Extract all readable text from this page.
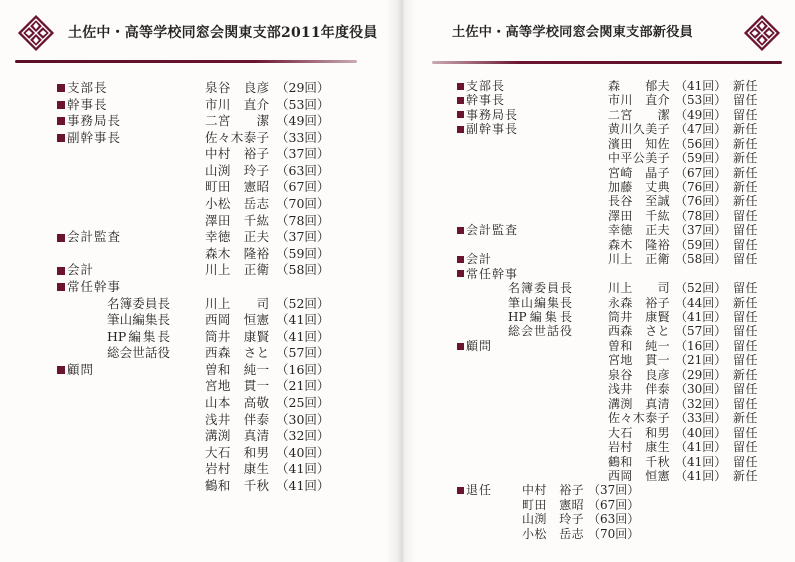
土佐中・高等学校同窓会関東支部2011年度役員
支部長	泉谷　良彦 （29回）
幹事長	市川　直介 （53回）
事務局長	二宮　　潔 （49回）
副幹事長	佐々木泰子 （33回）
中村　裕子 （37回）
山渕　玲子 （63回）
町田　憲昭 （67回）
小松　岳志 （70回）
澤田　千紘 （78回）
会計監査	幸徳　正夫 （37回）
森木　隆裕 （59回）
会計	川上　正衛 （58回）
常任幹事
名簿委員長	川上　　司 （52回）
筆山編集長	西岡　恒憲 （41回）
HP編集長	筒井　康賢 （41回）
総会世話役	西森　さと （57回）
顧問	曽和　純一 （16回）
宮地　貫一 （21回）
山本　高敬 （25回）
浅井　伴泰 （30回）
溝渕　真清 （32回）
大石　和男 （40回）
岩村　康生 （41回）
鶴和　千秋 （41回）
土佐中・高等学校同窓会関東支部新役員
支部長	森　　郁夫 （41回） 新任
幹事長	市川　直介 （53回） 留任
事務局長	二宮　　潔 （49回） 留任
副幹事長	黄川久美子 （47回） 新任
濱田　知佐 （56回） 新任
中平公美子 （59回） 新任
宮崎　晶子 （67回） 新任
加藤　丈典 （76回） 新任
長谷　至誠 （76回） 新任
澤田　千紘 （78回） 留任
会計監査	幸徳　正夫 （37回） 留任
森木　隆裕 （59回） 留任
会計	川上　正衛 （58回） 留任
常任幹事
名簿委員長	川上　　司 （52回） 留任
筆山編集長	永森　裕子 （44回） 新任
HP編集長	筒井　康賢 （41回） 留任
総会世話役	西森　さと （57回） 留任
顧問	曽和　純一 （16回） 留任
宮地　貫一 （21回） 留任
泉谷　良彦 （29回） 新任
浅井　伴泰 （30回） 留任
溝渕　真清 （32回） 留任
佐々木泰子 （33回） 新任
大石　和男 （40回） 留任
岩村　康生 （41回） 留任
鶴和　千秋 （41回） 留任
西岡　恒憲 （41回） 新任
退任 中村　裕子 （37回）
町田　憲昭 （67回）
山渕　玲子 （63回）
小松　岳志 （70回）
